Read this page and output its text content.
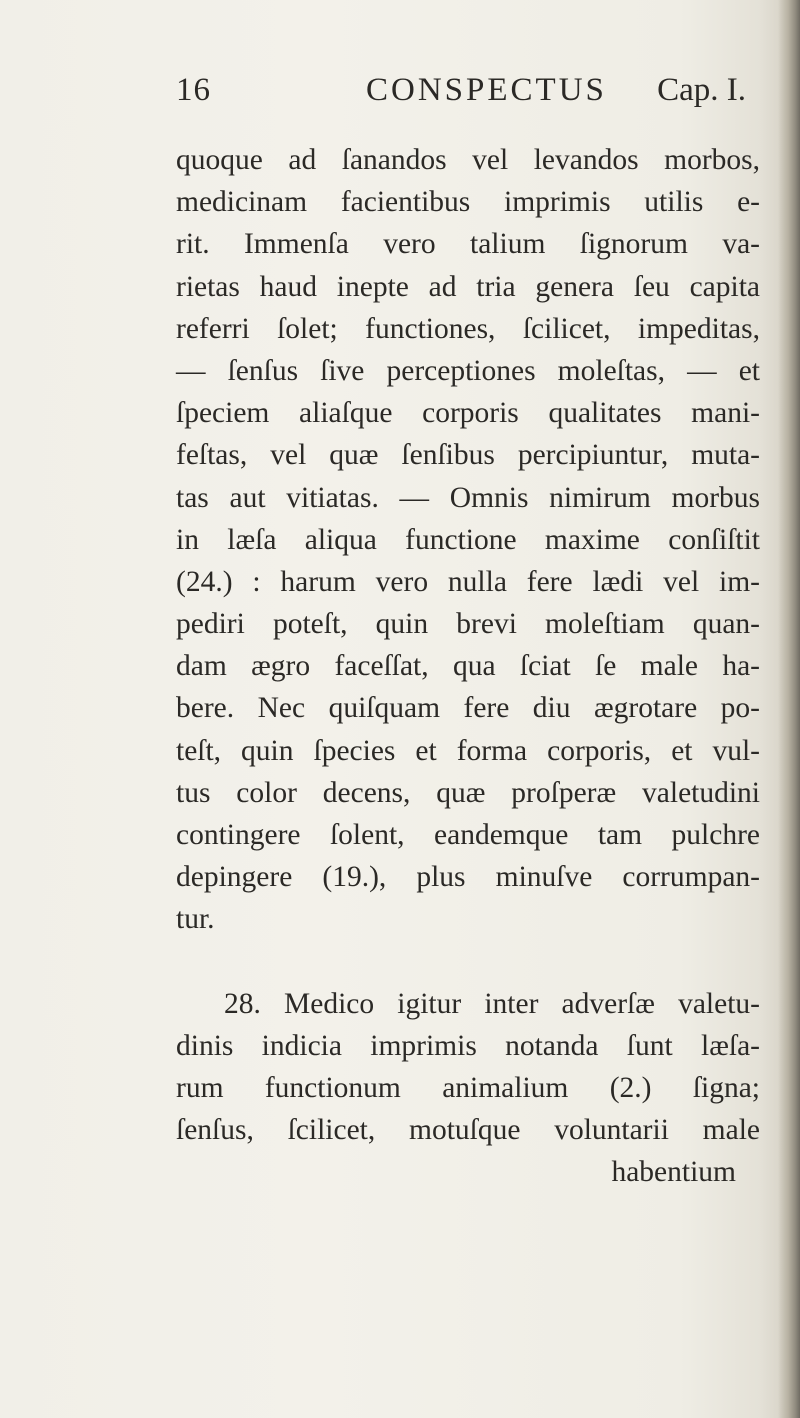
16	CONSPECTUS Cap. I.
quoque ad ſanandos vel levandos morbos,
medicinam facientibus imprimis utilis e-
rit. Immenſa vero talium ſignorum va-
rietas haud inepte ad tria genera ſeu capita
referri ſolet; functiones, ſcilicet, impeditas,
— ſenſus ſive perceptiones moleſtas, — et
ſpeciem aliaſque corporis qualitates mani-
feſtas, vel quæ ſenſibus percipiuntur, muta-
tas aut vitiatas. — Omnis nimirum morbus
in læſa aliqua functione maxime conſiſtit
(24.) : harum vero nulla fere lædi vel im-
pediri poteſt, quin brevi moleſtiam quan-
dam ægro faceſſat, qua ſciat ſe male ha-
bere. Nec quiſquam fere diu ægrotare po-
teſt, quin ſpecies et forma corporis, et vul-
tus color decens, quæ proſperæ valetudini
contingere ſolent, eandemque tam pulchre
depingere (19.), plus minuſve corrumpan-
tur.
28. Medico igitur inter adverſæ valetu-
dinis indicia imprimis notanda ſunt læſa-
rum functionum animalium (2.) ſigna;
ſenſus, ſcilicet, motuſque voluntarii male
habentium
